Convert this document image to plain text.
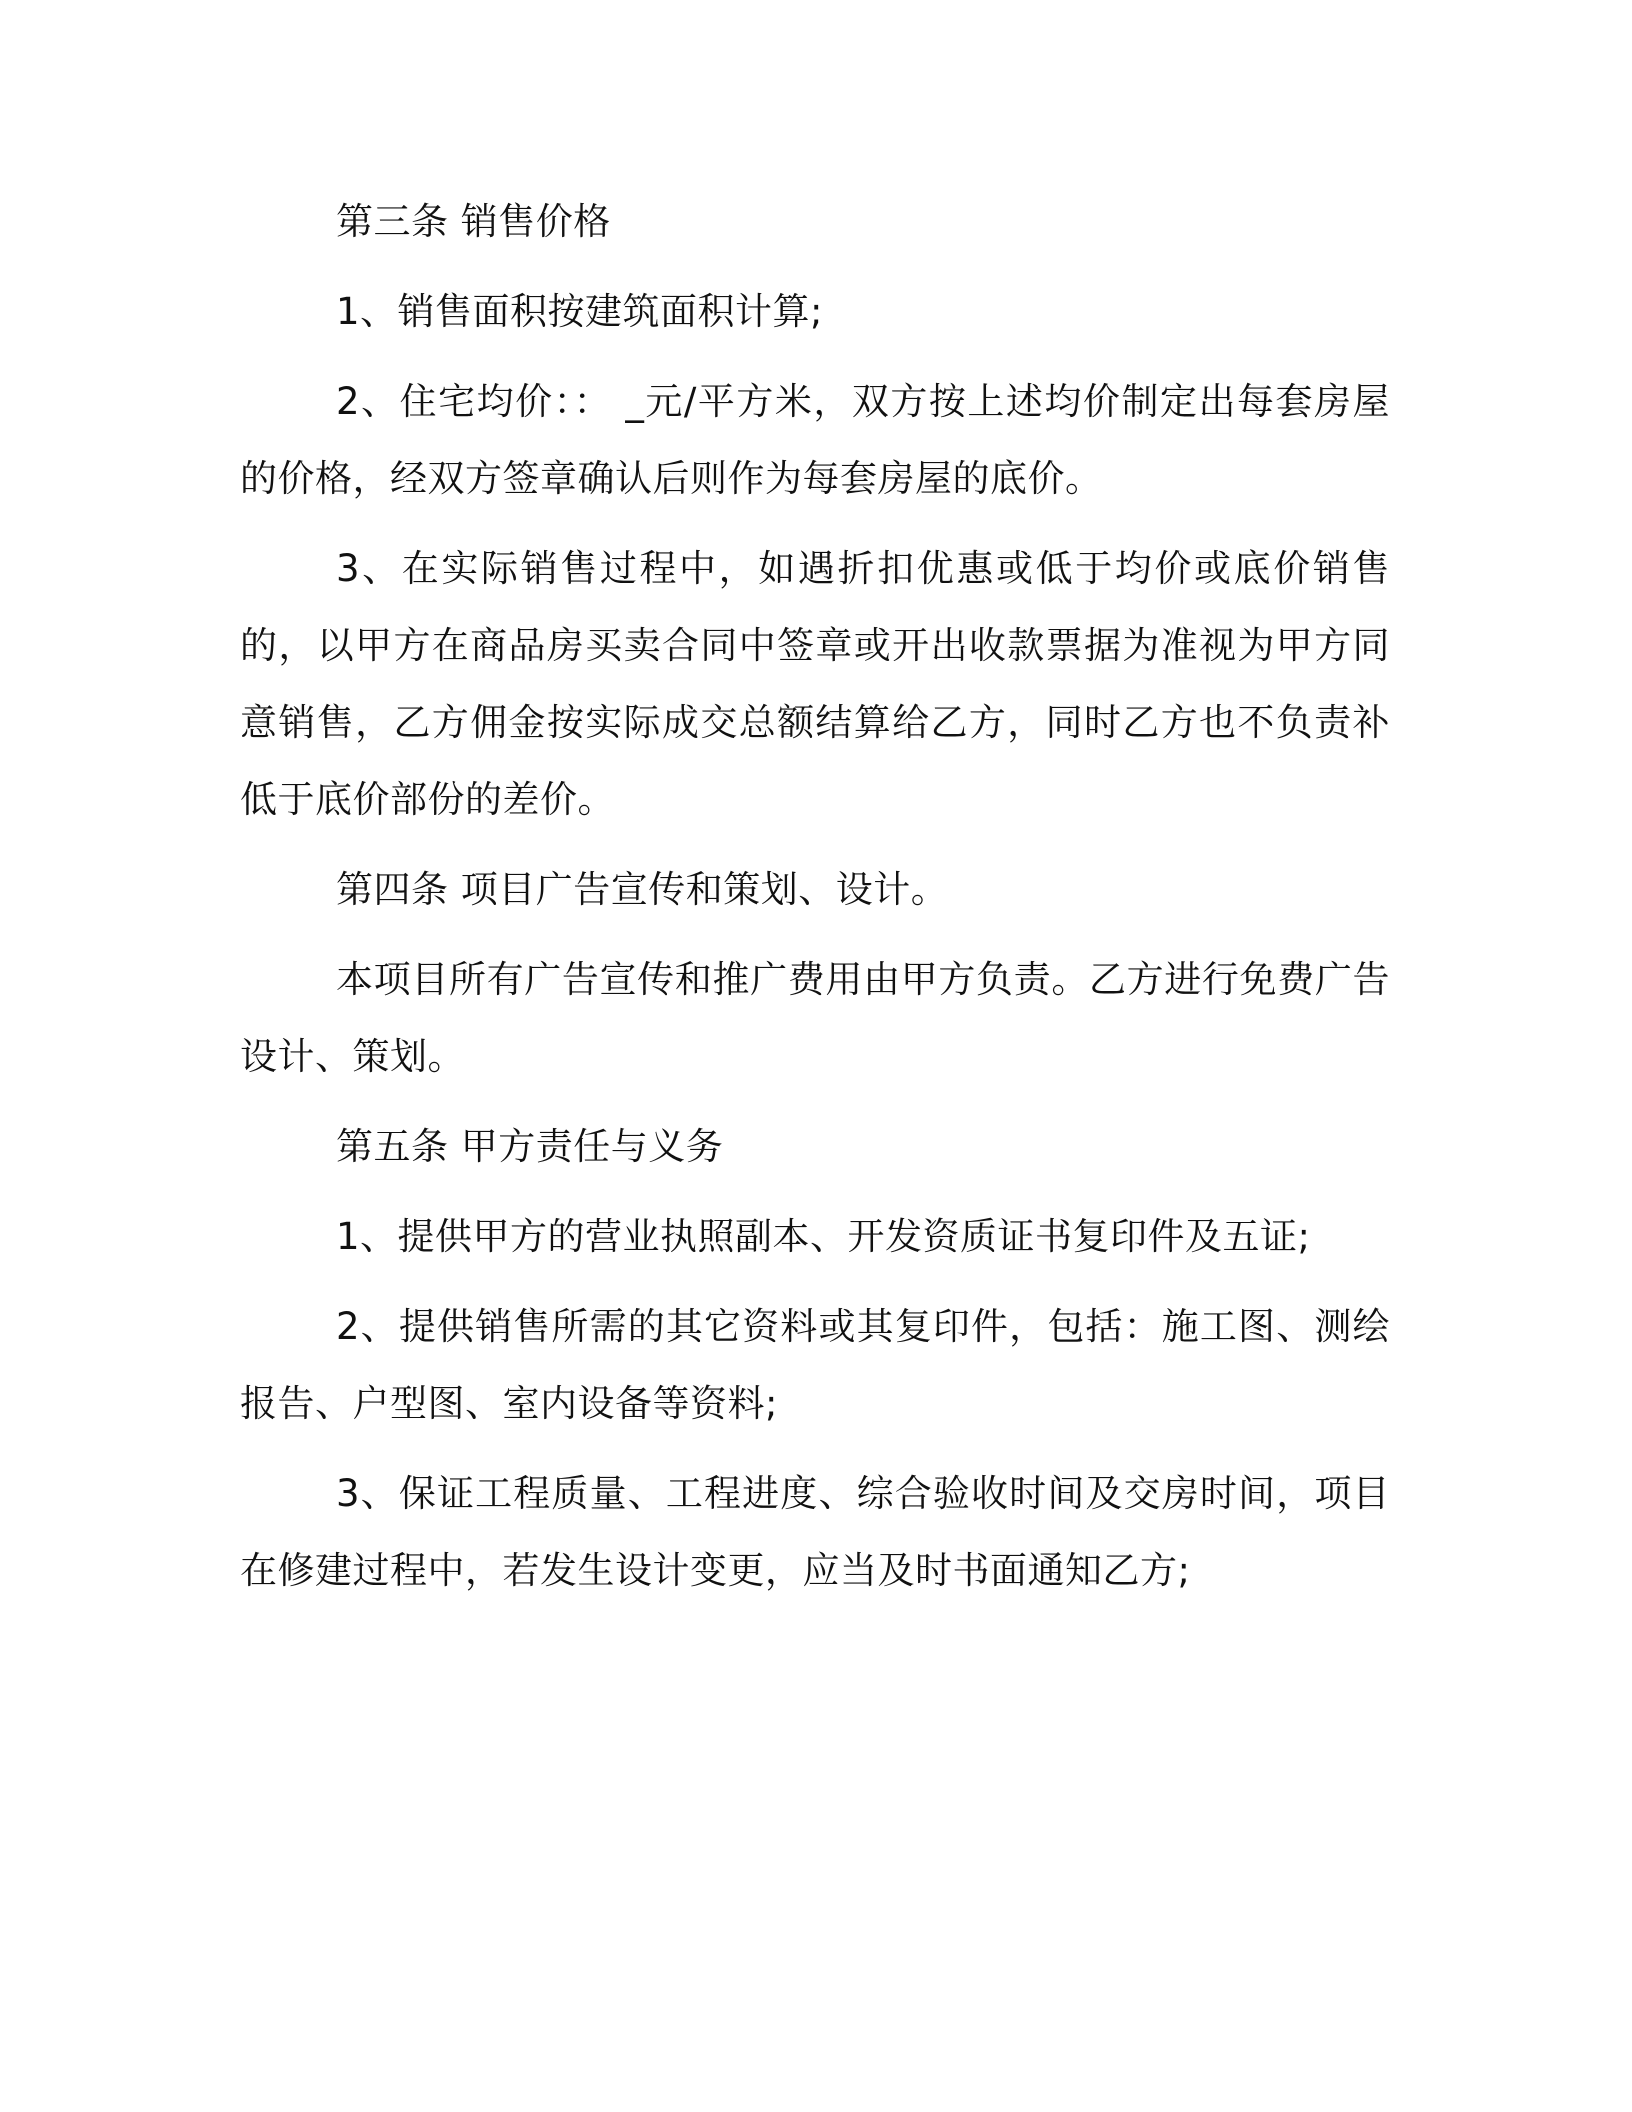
第三条 销售价格

1、销售面积按建筑面积计算;

2、住宅均价：： _元/平方米，双方按上述均价制定出每套房屋的价格，经双方签章确认后则作为每套房屋的底价。

3、在实际销售过程中，如遇折扣优惠或低于均价或底价销售的，以甲方在商品房买卖合同中签章或开出收款票据为准视为甲方同意销售，乙方佣金按实际成交总额结算给乙方，同时乙方也不负责补低于底价部份的差价。

第四条 项目广告宣传和策划、设计。

本项目所有广告宣传和推广费用由甲方负责。乙方进行免费广告设计、策划。

第五条 甲方责任与义务

1、提供甲方的营业执照副本、开发资质证书复印件及五证;

2、提供销售所需的其它资料或其复印件，包括：施工图、测绘报告、户型图、室内设备等资料;

3、保证工程质量、工程进度、综合验收时间及交房时间，项目在修建过程中，若发生设计变更，应当及时书面通知乙方;
